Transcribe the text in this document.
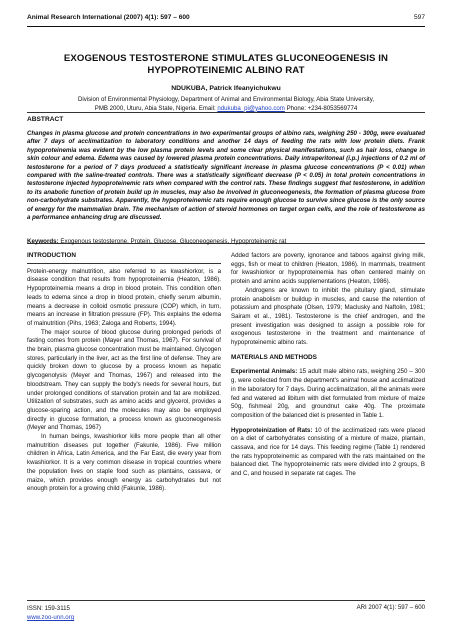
Animal Research International (2007) 4(1): 597 – 600	597
EXOGENOUS TESTOSTERONE STIMULATES GLUCONEOGENESIS IN HYPOPROTEINEMIC ALBINO RAT
NDUKUBA, Patrick Ifeanyichukwu
Division of Environmental Physiology, Department of Animal and Environmental Biology, Abia State University,
PMB 2000, Uturu, Abia State, Nigeria. Email: ndukuba_pi@yahoo.com Phone: +234-8053569774
ABSTRACT
Changes in plasma glucose and protein concentrations in two experimental groups of albino rats, weighing 250 - 300g, were evaluated after 7 days of acclimatization to laboratory conditions and another 14 days of feeding the rats with low protein diets. Frank hypoproteinemia was evident by the low plasma protein levels and some clear physical manifestations, such as hair loss, change in skin colour and edema. Edema was caused by lowered plasma protein concentrations. Daily intraperitoneal (i.p.) injections of 0.2 ml of testosterone for a period of 7 days produced a statistically significant increase in plasma glucose concentrations (P < 0.01) when compared with the saline-treated controls. There was a statistically significant decrease (P < 0.05) in total protein concentrations in testosterone injected hypoproteinemic rats when compared with the control rats. These findings suggest that testosterone, in addition to its anabolic function of protein build up in muscles, may also be involved in gluconeogenesis, the formation of plasma glucose from non-carbohydrate substrates. Apparently, the hypoproteinemic rats require enough glucose to survive since glucose is the only source of energy for the mammalian brain. The mechanism of action of steroid hormones on target organ cells, and the role of testosterone as a performance enhancing drug are discussed.
Keywords: Exogenous testosterone, Protein, Glucose, Gluconeogenesis, Hypoproteinemic rat
INTRODUCTION

Protein-energy malnutrition, also referred to as kwashiorkor, is a disease condition that results from hypoproteinemia (Heaton, 1986). Hypoproteinemia means a drop in blood protein. This condition often leads to edema since a drop in blood protein, chiefly serum albumin, means a decrease in colloid osmotic pressure (COP) which, in turn, means an increase in filtration pressure (FP). This explains the edema of malnutrition (Pihs, 1963; Zaloga and Roberts, 1994).

The major source of blood glucose during prolonged periods of fasting comes from protein (Mayer and Thomas, 1967). For survival of the brain, plasma glucose concentration must be maintained. Glycogen stores, particularly in the liver, act as the first line of defense. They are quickly broken down to glucose by a process known as hepatic glycogenolysis (Meyer and Thomas, 1967) and released into the bloodstream. They can supply the body's needs for several hours, but under prolonged conditions of starvation protein and fat are mobilized. Utilization of substrates, such as amino acids and glycerol, provides a glucose-sparing action, and the molecules may also be employed directly in glucose formation, a process known as gluconeogenesis (Meyer and Thomas, 1967)

In human beings, kwashiorkor kills more people than all other malnutrition diseases put together (Fakunle, 1986). Five million children in Africa, Latin America, and the Far East, die every year from kwashiorkor. It is a very common disease in tropical countries where the population lives on staple food such as plantains, cassava, or maize, which provides enough energy as carbohydrates but not enough protein for a growing child (Fakunle, 1986).

Added factors are poverty, ignorance and taboos against giving milk, eggs, fish or meat to children (Heaton, 1986). In mammals, treatment for kwashiorkor or hypoproteinemia has often centered mainly on protein and amino acids supplementations (Heaton, 1986).

Androgens are known to inhibit the pituitary gland, stimulate protein anabolism or buildup in muscles, and cause the retention of potassium and phosphate (Olsen, 1979; Maclusky and Naftolin, 1981; Sairam et al., 1981). Testosterone is the chief androgen, and the present investigation was designed to assign a possible role for exogenous testosterone in the treatment and maintenance of hypoproteinemic albino rats.

MATERIALS AND METHODS

Experimental Animals: 15 adult male albino rats, weighing 250 – 300 g, were collected from the department's animal house and acclimatized in the laboratory for 7 days. During acclimatization, all the animals were fed and watered ad libitum with diet formulated from mixture of maize 50g, fishmeal 20g, and groundnut cake 40g. The proximate composition of the balanced diet is presented in Table 1.

Hypoproteinization of Rats: 10 of the acclimatized rats were placed on a diet of carbohydrates consisting of a mixture of maize, plantain, cassava, and rice for 14 days. This feeding regime (Table 1) rendered the rats hypoproteinemic as compared with the rats maintained on the balanced diet. The hypoproteinemic rats were divided into 2 groups, B and C, and housed in separate rat cages. The

ISSN: 159-3115
www.zoo-unn.org
ARI 2007 4(1): 597 – 600
